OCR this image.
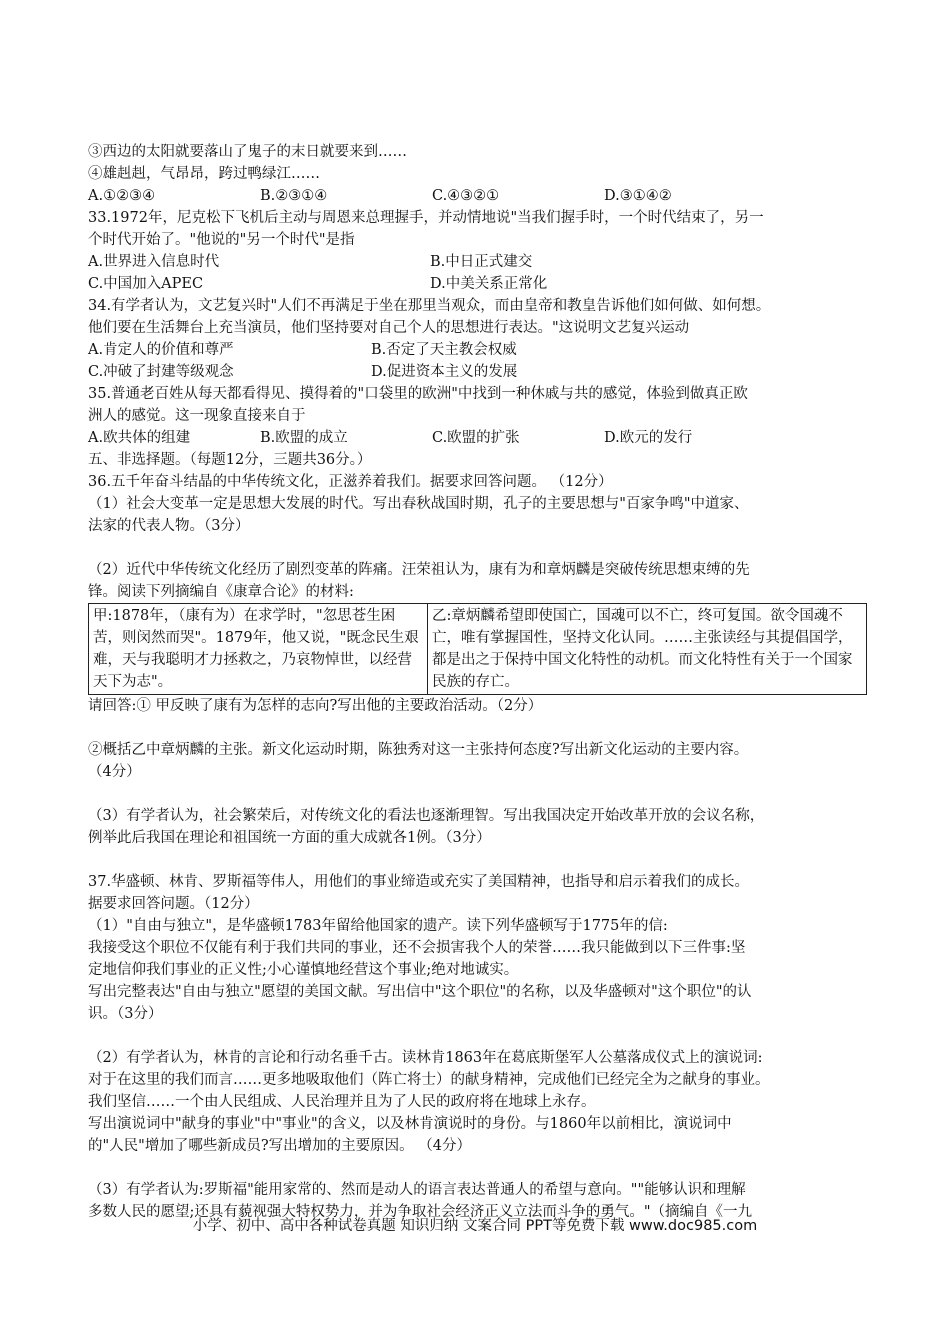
③西边的太阳就要落山了鬼子的末日就要来到……
④雄赳赳，气昂昂，跨过鸭绿江……
A.①②③④	B.②③①④	C.④③②①	D.③①④②
33.1972年，尼克松下飞机后主动与周恩来总理握手，并动情地说"当我们握手时，一个时代结束了，另一
个时代开始了。"他说的"另一个时代"是指
A.世界进入信息时代	B.中日正式建交
C.中国加入APEC	D.中美关系正常化
34.有学者认为，文艺复兴时"人们不再满足于坐在那里当观众，而由皇帝和教皇告诉他们如何做、如何想。
他们要在生活舞台上充当演员，他们坚持要对自己个人的思想进行表达。"这说明文艺复兴运动
A.肯定人的价值和尊严	B.否定了天主教会权威
C.冲破了封建等级观念	D.促进资本主义的发展
35.普通老百姓从每天都看得见、摸得着的"口袋里的欧洲"中找到一种休戚与共的感觉，体验到做真正欧
洲人的感觉。这一现象直接来自于
A.欧共体的组建	B.欧盟的成立	C.欧盟的扩张	D.欧元的发行
五、非选择题。（每题12分，三题共36分。）
36.五千年奋斗结晶的中华传统文化，正滋养着我们。据要求回答问题。 （12分）
（1）社会大变革一定是思想大发展的时代。写出春秋战国时期，孔子的主要思想与"百家争鸣"中道家、
法家的代表人物。（3分）
（2）近代中华传统文化经历了剧烈变革的阵痛。汪荣祖认为，康有为和章炳麟是突破传统思想束缚的先
锋。阅读下列摘编自《康章合论》的材料:
甲:1878年，（康有为）在求学时，"忽思苍生困苦，则闵然而哭"。1879年，他又说，"既念民生艰难，天与我聪明才力拯救之，乃哀物悼世，以经营天下为志"。	乙:章炳麟希望即使国亡，国魂可以不亡，终可复国。欲令国魂不亡，唯有掌握国性，坚持文化认同。……主张读经与其提倡国学， 都是出之于保持中国文化特性的动机。而文化特性有关于一个国家民族的存亡。
请回答:① 甲反映了康有为怎样的志向?写出他的主要政治活动。（2分）
②概括乙中章炳麟的主张。新文化运动时期，陈独秀对这一主张持何态度?写出新文化运动的主要内容。
（4分）
（3）有学者认为，社会繁荣后，对传统文化的看法也逐渐理智。写出我国决定开始改革开放的会议名称，
例举此后我国在理论和祖国统一方面的重大成就各1例。（3分）
37.华盛顿、林肯、罗斯福等伟人，用他们的事业缔造或充实了美国精神，也指导和启示着我们的成长。
据要求回答问题。（12分）
（1）"自由与独立"，是华盛顿1783年留给他国家的遗产。读下列华盛顿写于1775年的信:
我接受这个职位不仅能有利于我们共同的事业，还不会损害我个人的荣誉……我只能做到以下三件事:坚
定地信仰我们事业的正义性;小心谨慎地经营这个事业;绝对地诚实。
写出完整表达"自由与独立"愿望的美国文献。写出信中"这个职位"的名称，以及华盛顿对"这个职位"的认
识。（3分）
（2）有学者认为，林肯的言论和行动名垂千古。读林肯1863年在葛底斯堡军人公墓落成仪式上的演说词:
对于在这里的我们而言……更多地吸取他们（阵亡将士）的献身精神，完成他们已经完全为之献身的事业。
我们坚信……一个由人民组成、人民治理并且为了人民的政府将在地球上永存。
写出演说词中"献身的事业"中"事业"的含义，以及林肯演说时的身份。与1860年以前相比，演说词中
的"人民"增加了哪些新成员?写出增加的主要原因。 （4分）
（3）有学者认为:罗斯福"能用家常的、然而是动人的语言表达普通人的希望与意向。""能够认识和理解
多数人民的愿望;还具有藐视强大特权势力，并为争取社会经济正义立法而斗争的勇气。"（摘编自《一九
小学、初中、高中各种试卷真题 知识归纳 文案合同 PPT等免费下载 www.doc985.com
